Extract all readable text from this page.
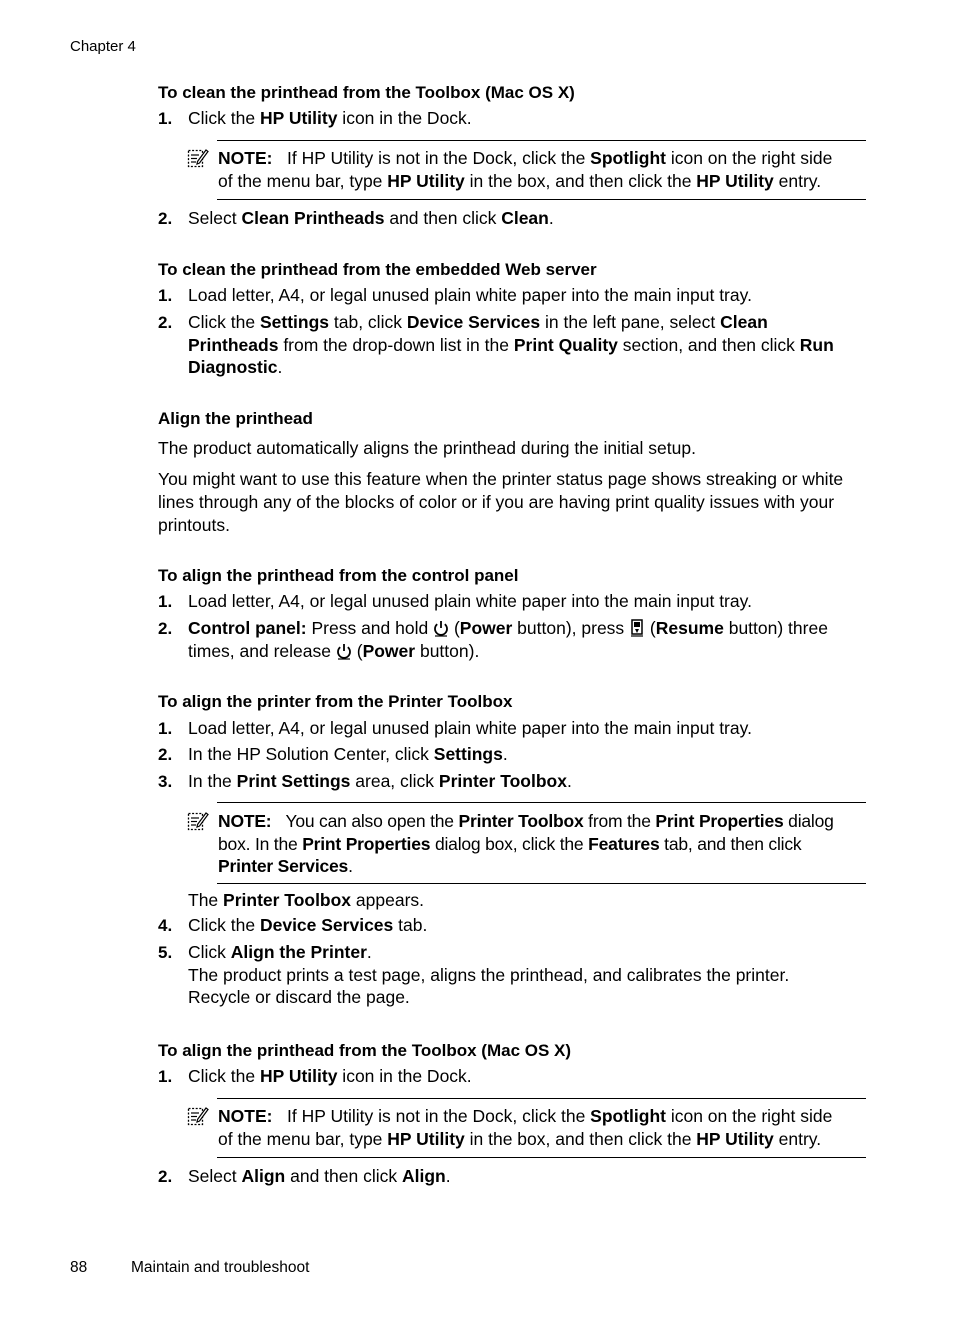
Chapter 4
To clean the printhead from the Toolbox (Mac OS X)
1. Click the HP Utility icon in the Dock.
NOTE: If HP Utility is not in the Dock, click the Spotlight icon on the right side
of the menu bar, type HP Utility in the box, and then click the HP Utility entry.
2. Select Clean Printheads and then click Clean.
To clean the printhead from the embedded Web server
1. Load letter, A4, or legal unused plain white paper into the main input tray.
2. Click the Settings tab, click Device Services in the left pane, select Clean
Printheads from the drop-down list in the Print Quality section, and then click Run
Diagnostic.
Align the printhead
The product automatically aligns the printhead during the initial setup.
You might want to use this feature when the printer status page shows streaking or white
lines through any of the blocks of color or if you are having print quality issues with your
printouts.
To align the printhead from the control panel
1. Load letter, A4, or legal unused plain white paper into the main input tray.
2. Control panel: Press and hold  (Power button), press  (Resume button) three
times, and release  (Power button).
To align the printer from the Printer Toolbox
1. Load letter, A4, or legal unused plain white paper into the main input tray.
2. In the HP Solution Center, click Settings.
3. In the Print Settings area, click Printer Toolbox.
NOTE: You can also open the Printer Toolbox from the Print Properties dialog
box. In the Print Properties dialog box, click the Features tab, and then click
Printer Services.
The Printer Toolbox appears.
4. Click the Device Services tab.
5. Click Align the Printer.
The product prints a test page, aligns the printhead, and calibrates the printer.
Recycle or discard the page.
To align the printhead from the Toolbox (Mac OS X)
1. Click the HP Utility icon in the Dock.
NOTE: If HP Utility is not in the Dock, click the Spotlight icon on the right side
of the menu bar, type HP Utility in the box, and then click the HP Utility entry.
2. Select Align and then click Align.
88	Maintain and troubleshoot
